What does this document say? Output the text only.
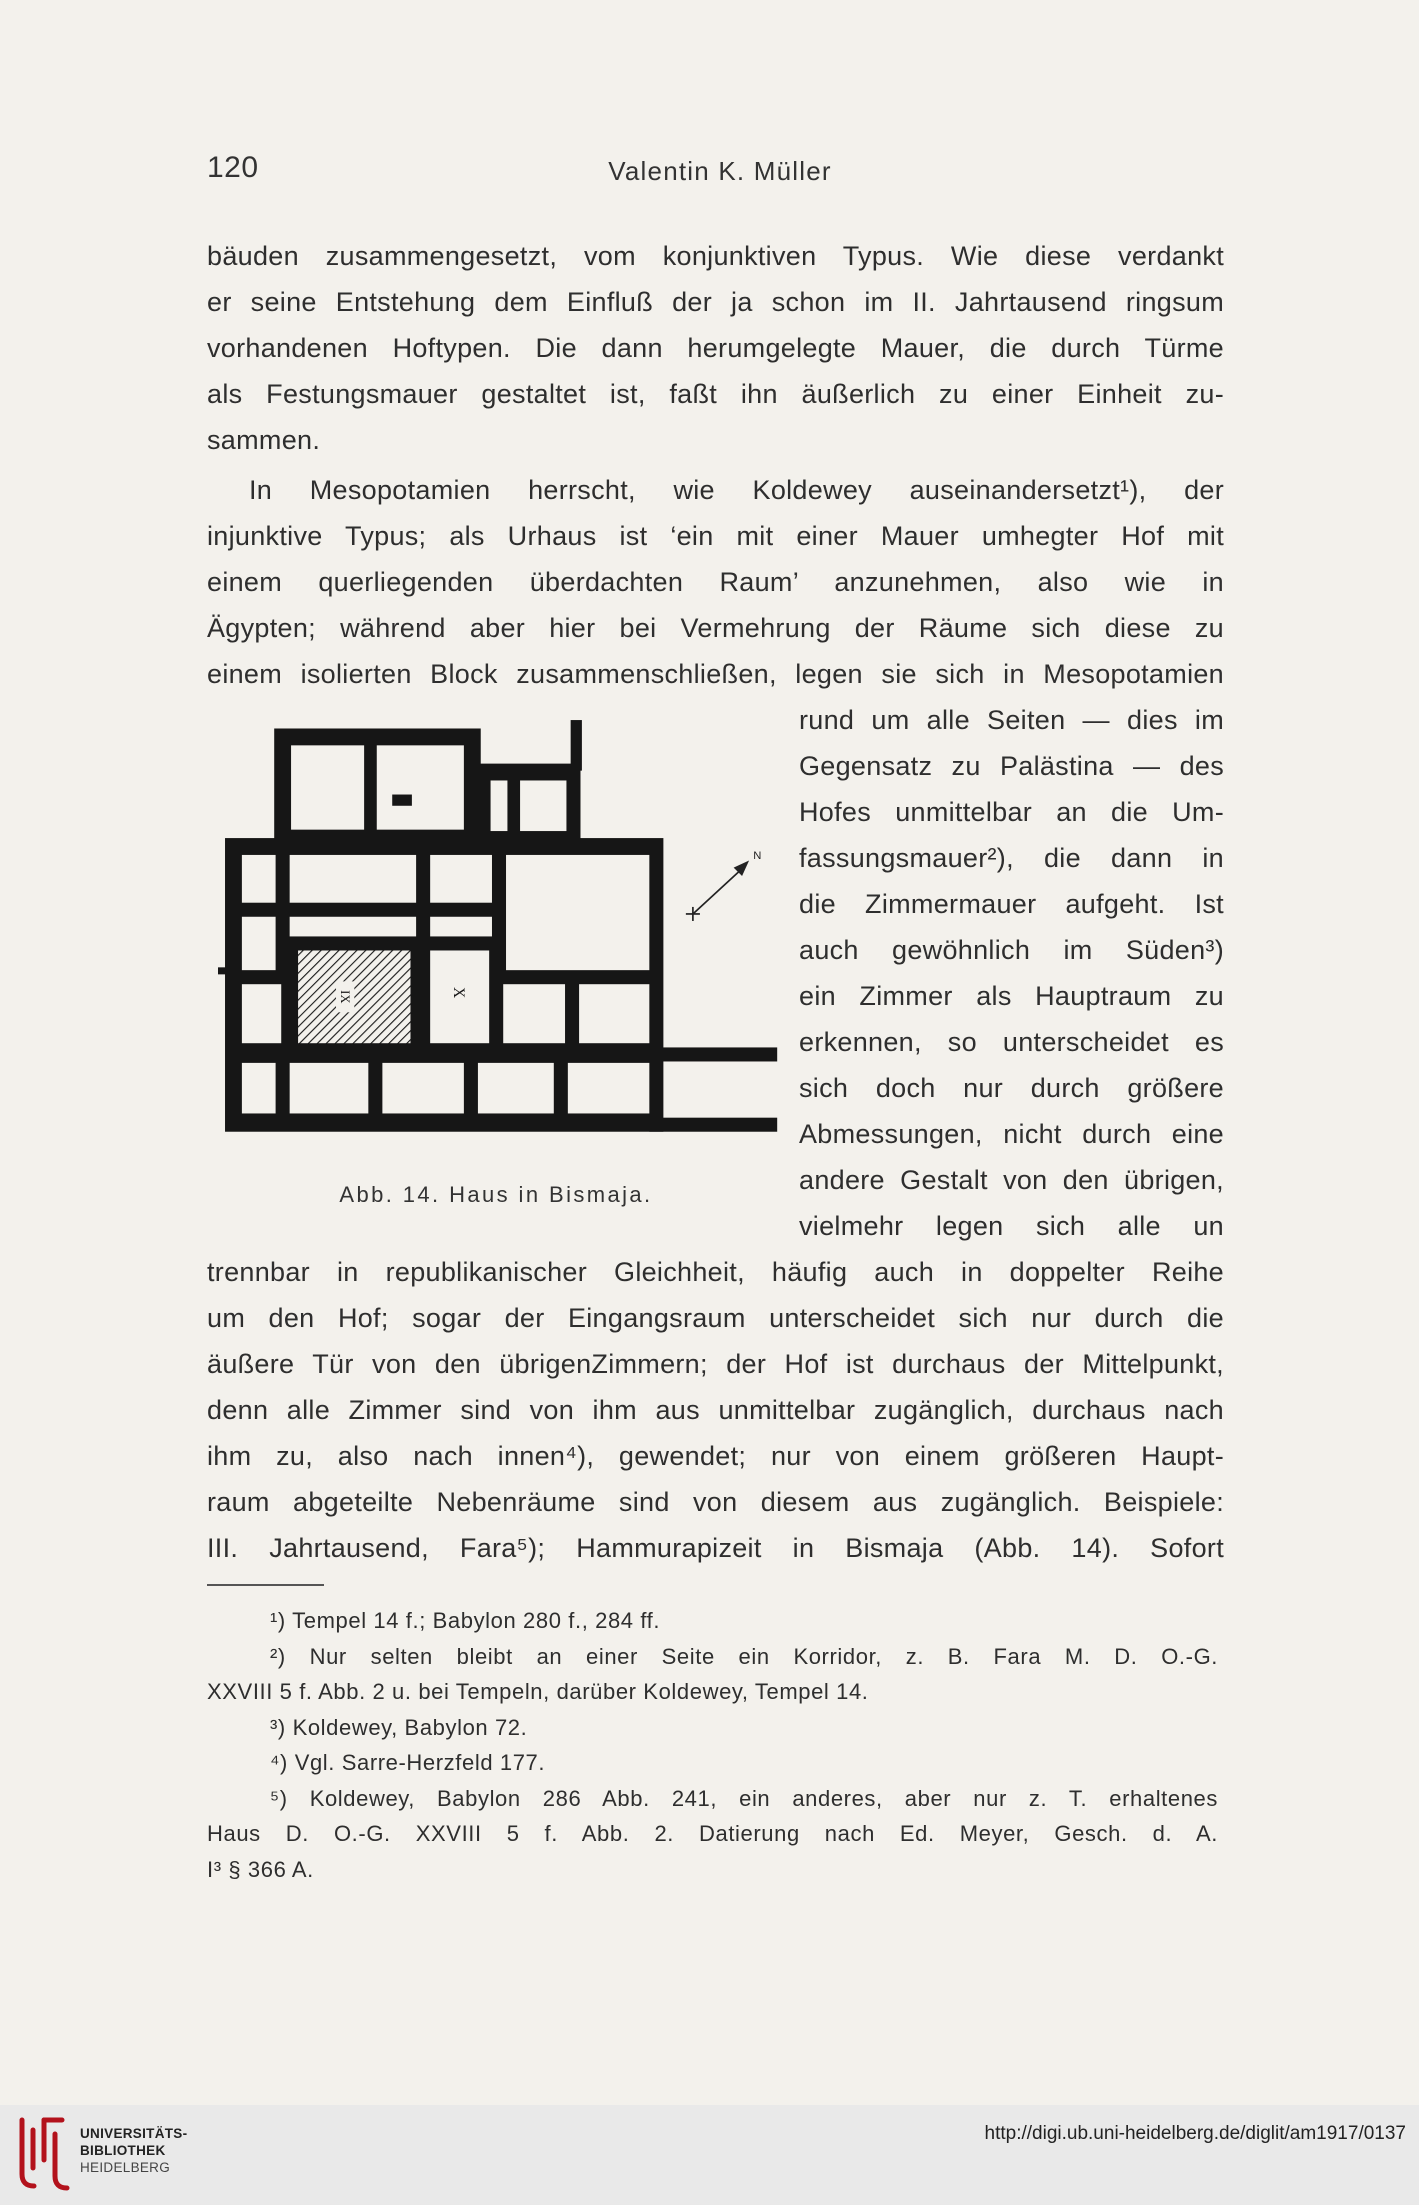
120	Valentin K. Müller
bäuden zusammengesetzt, vom konjunktiven Typus. Wie diese verdankt
er seine Entstehung dem Einfluß der ja schon im II. Jahrtausend ringsum
vorhandenen Hoftypen. Die dann herumgelegte Mauer, die durch Türme
als Festungsmauer gestaltet ist, faßt ihn äußerlich zu einer Einheit zu-
sammen.
In Mesopotamien herrscht, wie Koldewey auseinandersetzt¹), der
injunktive Typus; als Urhaus ist ‘ein mit einer Mauer umhegter Hof mit
einem querliegenden überdachten Raum’ anzunehmen, also wie in
Ägypten; während aber hier bei Vermehrung der Räume sich diese zu
einem isolierten Block zusammenschließen, legen sie sich in Mesopotamien
rund um alle Seiten — dies im
Gegensatz zu Palästina — des
Hofes unmittelbar an die Um-
fassungsmauer²), die dann in
die Zimmermauer aufgeht. Ist
auch gewöhnlich im Süden³)
ein Zimmer als Hauptraum zu
erkennen, so unterscheidet es
sich doch nur durch größere
Abmessungen, nicht durch eine
andere Gestalt von den übrigen,
vielmehr legen sich alle un
trennbar in republikanischer Gleichheit, häufig auch in doppelter Reihe
um den Hof; sogar der Eingangsraum unterscheidet sich nur durch die
äußere Tür von den übrigenZimmern; der Hof ist durchaus der Mittelpunkt,
denn alle Zimmer sind von ihm aus unmittelbar zugänglich, durchaus nach
ihm zu, also nach innen⁴), gewendet; nur von einem größeren Haupt-
raum abgeteilte Nebenräume sind von diesem aus zugänglich. Beispiele:
III. Jahrtausend, Fara⁵); Hammurapizeit in Bismaja (Abb. 14). Sofort
IX	X
N
Abb. 14. Haus in Bismaja.
¹) Tempel 14 f.; Babylon 280 f., 284 ff.
²) Nur selten bleibt an einer Seite ein Korridor, z. B. Fara M. D. O.-G.
XXVIII 5 f. Abb. 2 u. bei Tempeln, darüber Koldewey, Tempel 14.
³) Koldewey, Babylon 72.
⁴) Vgl. Sarre-Herzfeld 177.
⁵) Koldewey, Babylon 286 Abb. 241, ein anderes, aber nur z. T. erhaltenes
Haus D. O.-G. XXVIII 5 f. Abb. 2. Datierung nach Ed. Meyer, Gesch. d. A.
I³ § 366 A.
UNIVERSITÄTS-
BIBLIOTHEK
HEIDELBERG
http://digi.ub.uni-heidelberg.de/diglit/am1917/0137
